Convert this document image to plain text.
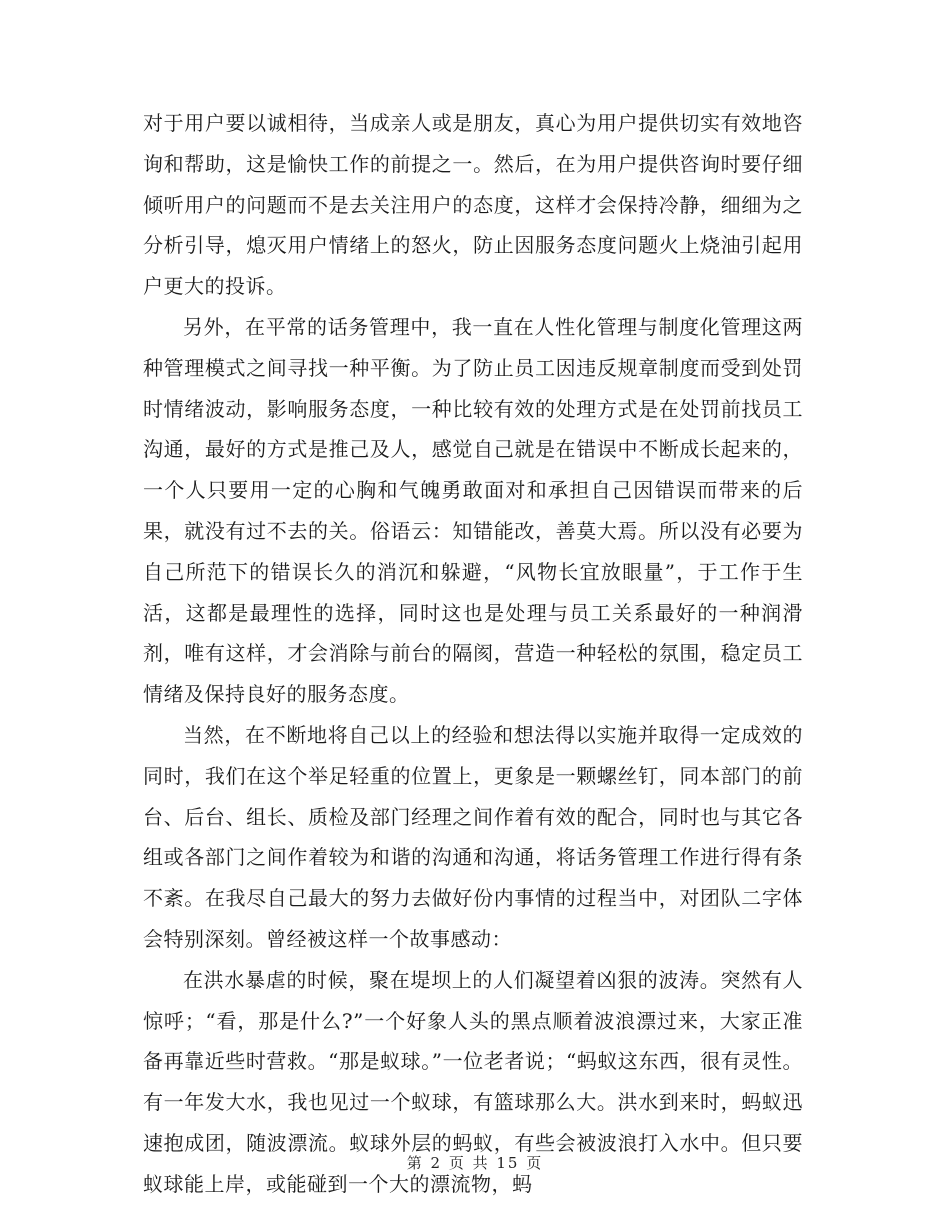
对于用户要以诚相待，当成亲人或是朋友，真心为用户提供切实有效地咨询和帮助，这是愉快工作的前提之一。然后，在为用户提供咨询时要仔细倾听用户的问题而不是去关注用户的态度，这样才会保持冷静，细细为之分析引导，熄灭用户情绪上的怒火，防止因服务态度问题火上烧油引起用户更大的投诉。

另外，在平常的话务管理中，我一直在人性化管理与制度化管理这两种管理模式之间寻找一种平衡。为了防止员工因违反规章制度而受到处罚时情绪波动，影响服务态度，一种比较有效的处理方式是在处罚前找员工沟通，最好的方式是推己及人，感觉自己就是在错误中不断成长起来的，一个人只要用一定的心胸和气魄勇敢面对和承担自己因错误而带来的后果，就没有过不去的关。俗语云：知错能改，善莫大焉。所以没有必要为自己所范下的错误长久的消沉和躲避，“风物长宜放眼量”，于工作于生活，这都是最理性的选择，同时这也是处理与员工关系最好的一种润滑剂，唯有这样，才会消除与前台的隔阂，营造一种轻松的氛围，稳定员工情绪及保持良好的服务态度。

当然，在不断地将自己以上的经验和想法得以实施并取得一定成效的同时，我们在这个举足轻重的位置上，更象是一颗螺丝钉，同本部门的前台、后台、组长、质检及部门经理之间作着有效的配合，同时也与其它各组或各部门之间作着较为和谐的沟通和沟通，将话务管理工作进行得有条不紊。在我尽自己最大的努力去做好份内事情的过程当中，对团队二字体会特别深刻。曾经被这样一个故事感动：

在洪水暴虐的时候，聚在堤坝上的人们凝望着凶狠的波涛。突然有人惊呼；“看，那是什么?”一个好象人头的黑点顺着波浪漂过来，大家正准备再靠近些时营救。“那是蚁球。”一位老者说；“蚂蚁这东西，很有灵性。有一年发大水，我也见过一个蚁球，有篮球那么大。洪水到来时，蚂蚁迅速抱成团，随波漂流。蚁球外层的蚂蚁，有些会被波浪打入水中。但只要蚁球能上岸，或能碰到一个大的漂流物，蚂

第 2 页 共 15 页
